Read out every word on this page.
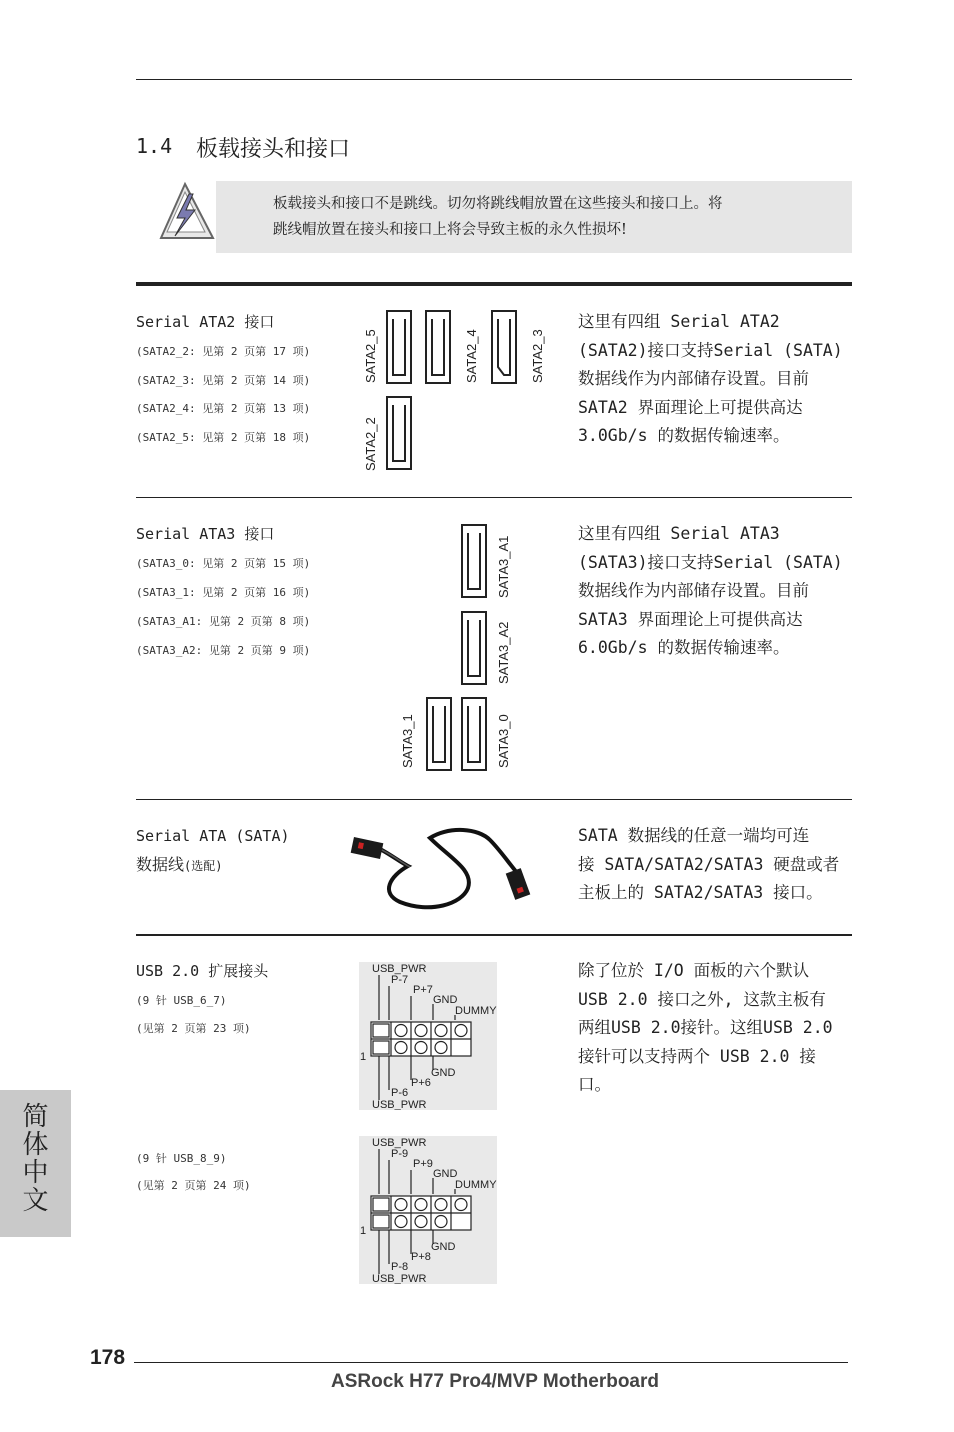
1.4 板载接头和接口
板载接头和接口不是跳线。切勿将跳线帽放置在这些接头和接口上。将
跳线帽放置在接头和接口上将会导致主板的永久性损坏!
Serial ATA2 接口
(SATA2_2: 见第 2 页第 17 项)
(SATA2_3: 见第 2 页第 14 项)
(SATA2_4: 见第 2 页第 13 项)
(SATA2_5: 见第 2 页第 18 项)
SATA2_5	SATA2_4	SATA2_3
SATA2_2
这里有四组 Serial ATA2
(SATA2)接口支持Serial (SATA)
数据线作为内部储存设置。目前
SATA2 界面理论上可提供高达
3.0Gb/s 的数据传输速率。
Serial ATA3 接口
(SATA3_0: 见第 2 页第 15 项)
(SATA3_1: 见第 2 页第 16 项)
(SATA3_A1: 见第 2 页第 8 项)
(SATA3_A2: 见第 2 页第 9 项)
SATA3_A1
SATA3_A2
SATA3_1	SATA3_0
这里有四组 Serial ATA3
(SATA3)接口支持Serial (SATA)
数据线作为内部储存设置。目前
SATA3 界面理论上可提供高达
6.0Gb/s 的数据传输速率。
Serial ATA (SATA)
数据线(选配)
SATA 数据线的任意一端均可连
接 SATA/SATA2/SATA3 硬盘或者
主板上的 SATA2/SATA3 接口。
USB 2.0 扩展接头
(9 针 USB_6_7)
(见第 2 页第 23 项)
(9 针 USB_8_9)
(见第 2 页第 24 项)
USB_PWR
P-7
P+7
GND
DUMMY
1
GND
P+6
P-6
USB_PWR
USB_PWR
P-9
P+9
GND
DUMMY
1
GND
P+8
P-8
USB_PWR
除了位於 I/O 面板的六个默认
USB 2.0 接口之外, 这款主板有
两组USB 2.0接针。这组USB 2.0
接针可以支持两个 USB 2.0 接
口。
简体中文
178
ASRock H77 Pro4/MVP Motherboard
